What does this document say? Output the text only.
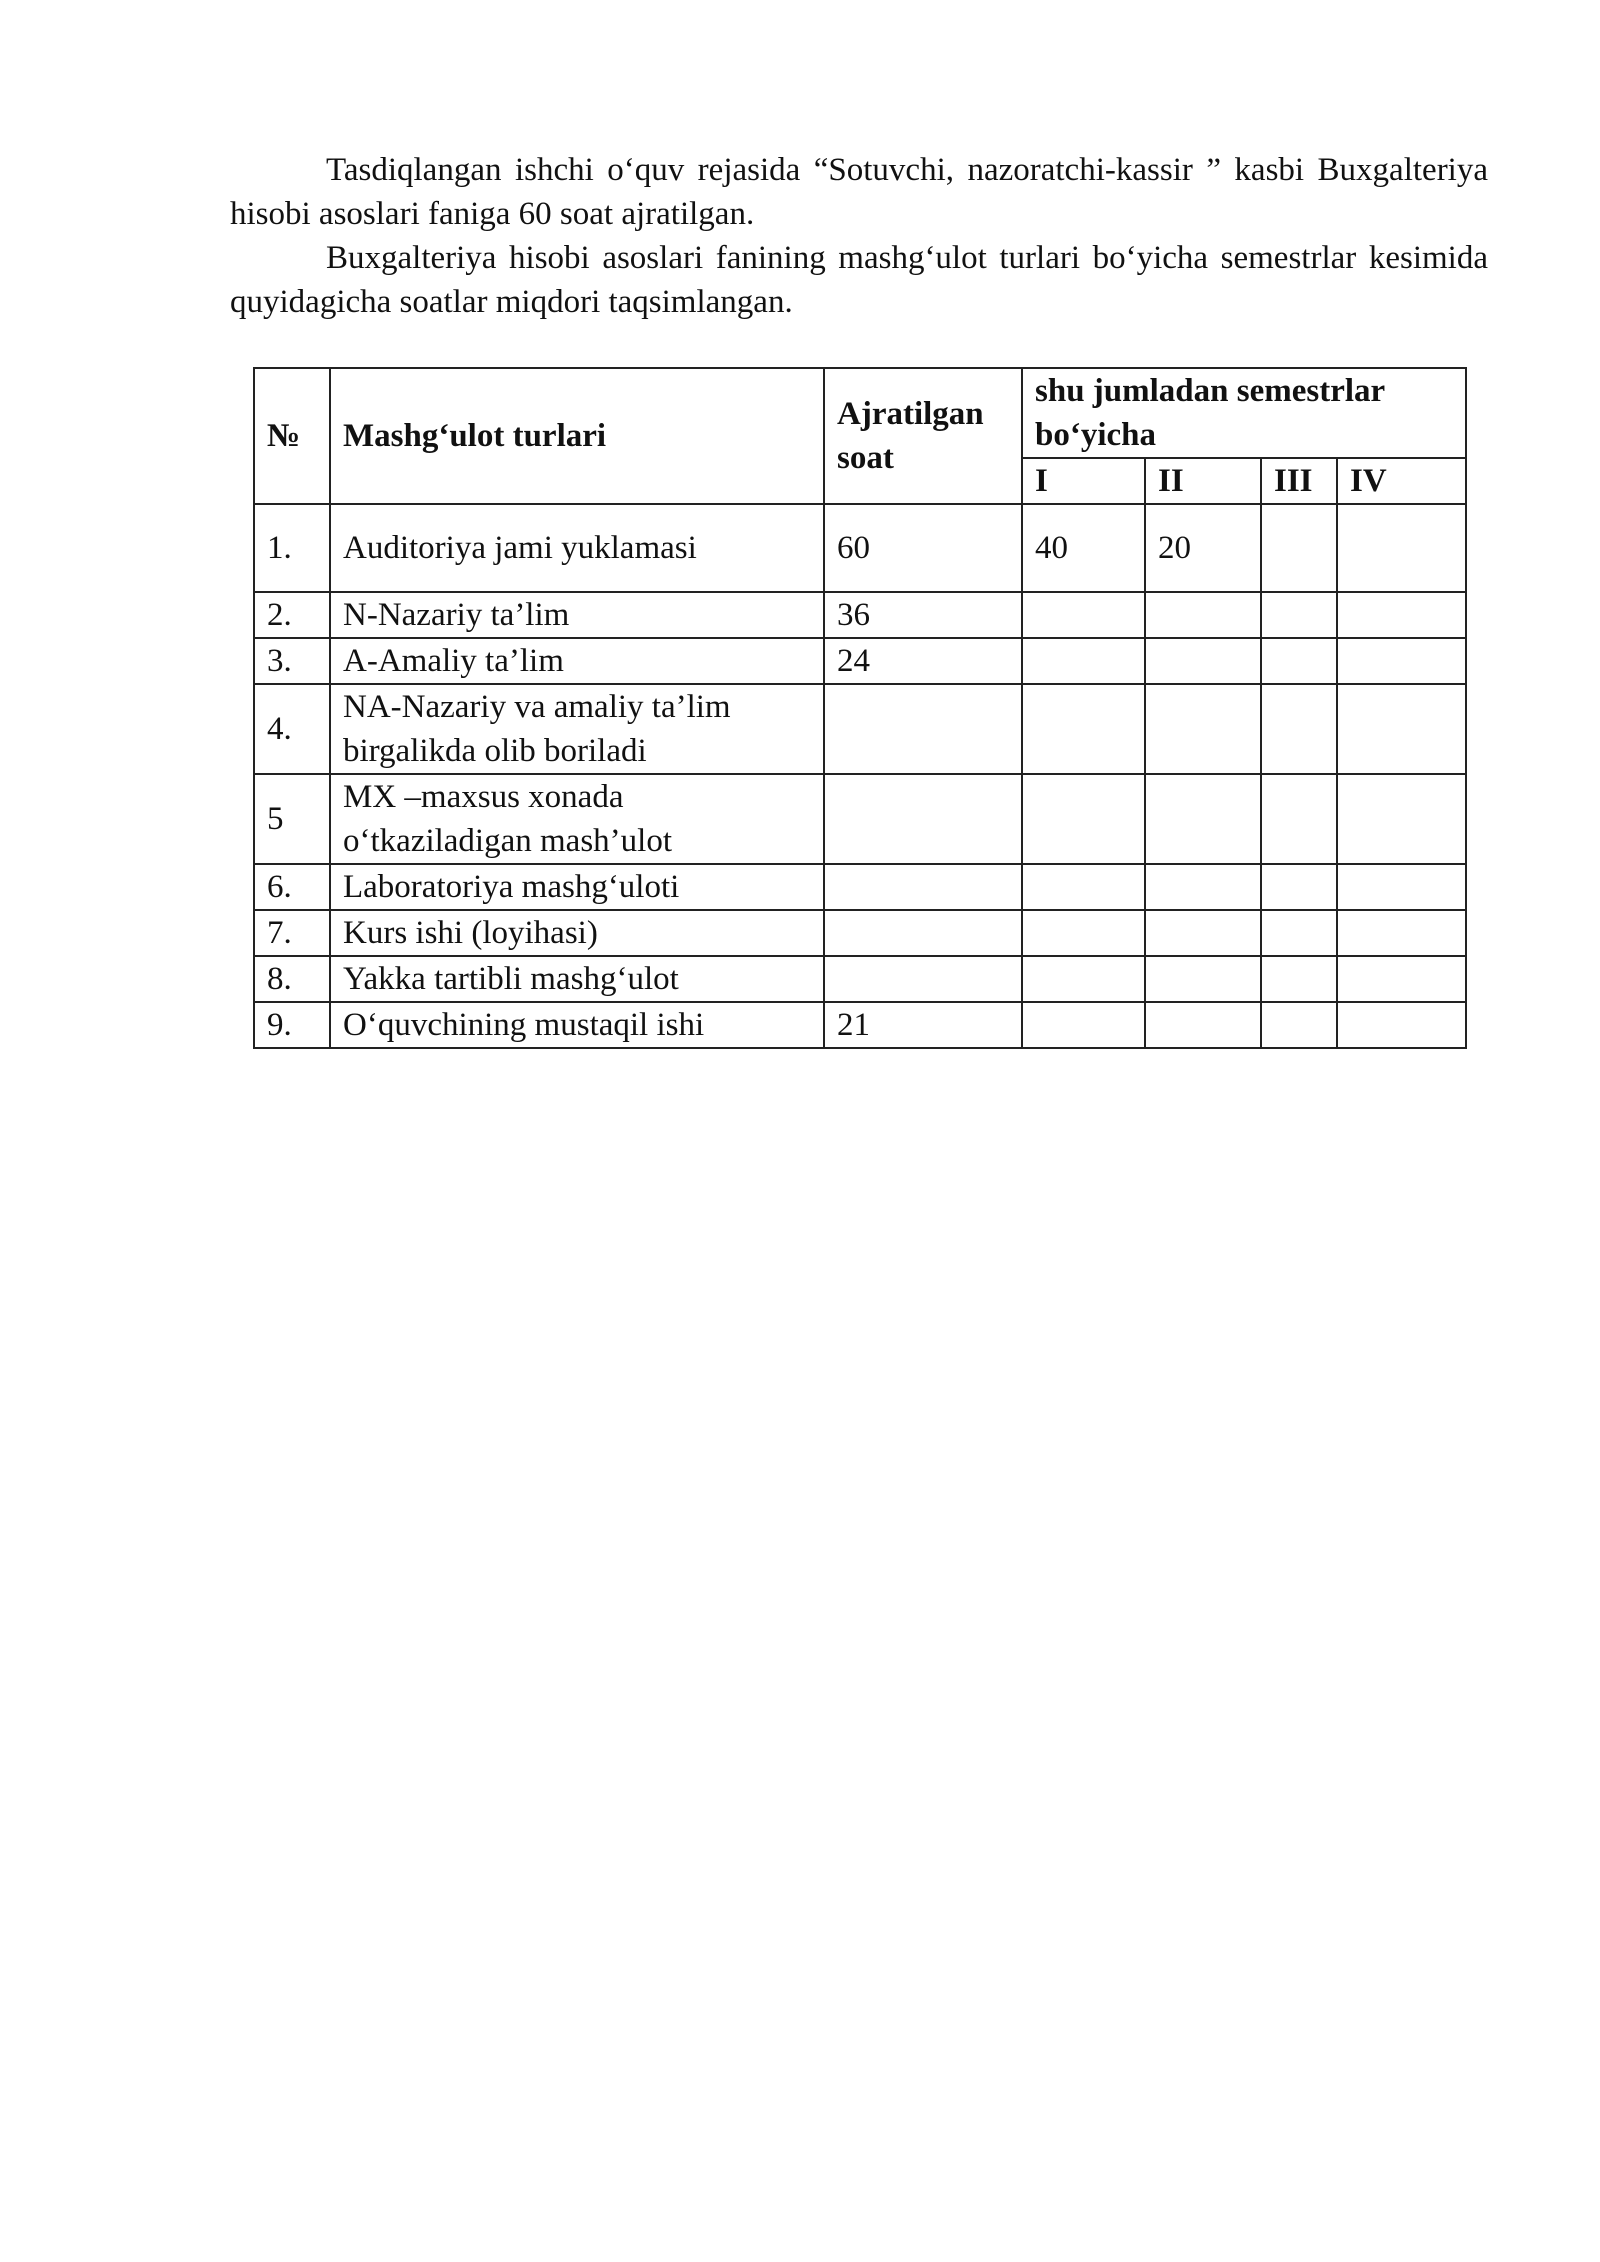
Tasdiqlangan ishchi o‘quv rejasida “Sotuvchi, nazoratchi-kassir ” kasbi Buxgalteriya hisobi asoslari faniga 60 soat ajratilgan.

Buxgalteriya hisobi asoslari fanining mashg‘ulot turlari bo‘yicha semestrlar kesimida quyidagicha soatlar miqdori taqsimlangan.

№	Mashg‘ulot turlari	Ajratilgan soat	shu jumladan semestrlar bo‘yicha			
			I	II	III	IV
1.	Auditoriya jami yuklamasi	60	40	20		
2.	N-Nazariy ta’lim	36				
3.	A-Amaliy ta’lim	24				
4.	NA-Nazariy va amaliy ta’lim birgalikda olib boriladi					
5	MX –maxsus xonada o‘tkaziladigan mash’ulot					
6.	Laboratoriya mashg‘uloti					
7.	Kurs ishi (loyihasi)					
8.	Yakka tartibli mashg‘ulot					
9.	O‘quvchining mustaqil ishi	21				
